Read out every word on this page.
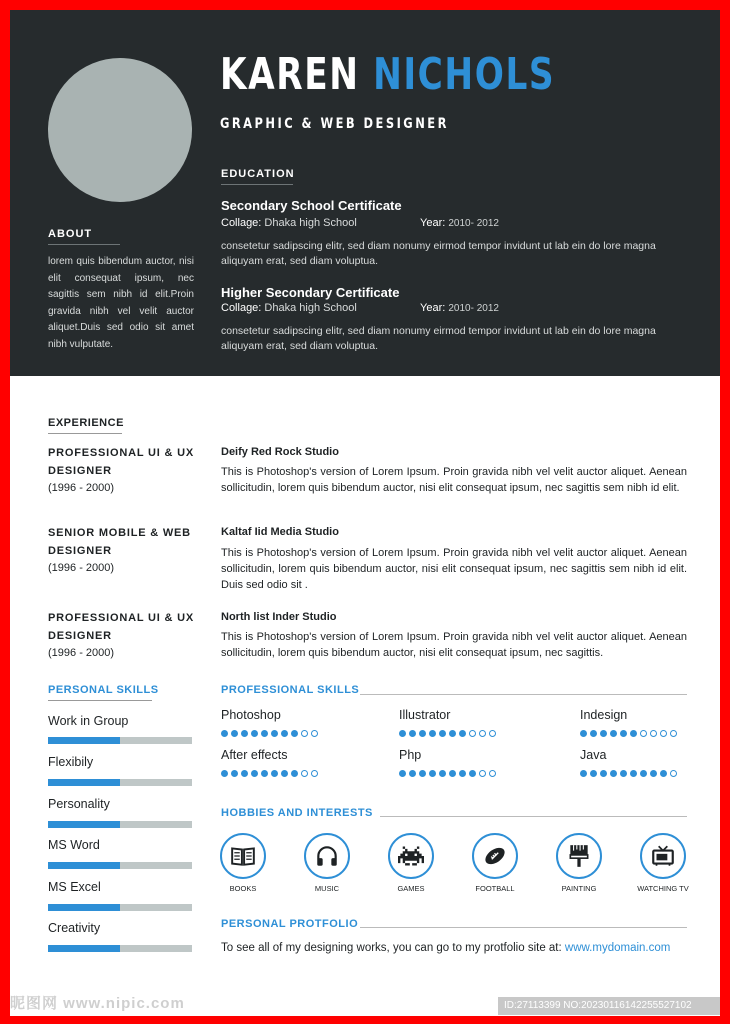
KAREN NICHOLS
GRAPHIC & WEB DESIGNER
ABOUT
lorem quis bibendum auctor, nisi elit consequat ipsum, nec sagittis sem nibh id elit.Proin gravida nibh vel velit auctor aliquet.Duis sed odio sit amet nibh vulputate.
EDUCATION
Secondary School Certificate
Collage: Dhaka high School	Year: 2010- 2012
consetetur sadipscing elitr, sed diam nonumy eirmod tempor invidunt ut lab ein do lore magna aliquyam erat, sed diam voluptua.
Higher Secondary Certificate
Collage: Dhaka high School	Year: 2010- 2012
consetetur sadipscing elitr, sed diam nonumy eirmod tempor invidunt ut lab ein do lore magna aliquyam erat, sed diam voluptua.
EXPERIENCE
PROFESSIONAL UI & UX DESIGNER
(1996 - 2000)
Deify Red Rock Studio
This is Photoshop's version of Lorem Ipsum. Proin gravida nibh vel velit auctor aliquet. Aenean sollicitudin, lorem quis bibendum auctor, nisi elit consequat ipsum, nec sagittis sem nibh id elit.
SENIOR MOBILE & WEB DESIGNER
(1996 - 2000)
Kaltaf Iid Media Studio
This is Photoshop's version of Lorem Ipsum. Proin gravida nibh vel velit auctor aliquet. Aenean sollicitudin, lorem quis bibendum auctor, nisi elit consequat ipsum, nec sagittis sem nibh id elit. Duis sed odio sit .
PROFESSIONAL UI & UX DESIGNER
(1996 - 2000)
North list Inder Studio
This is Photoshop's version of Lorem Ipsum. Proin gravida nibh vel velit auctor aliquet. Aenean sollicitudin, lorem quis bibendum auctor, nisi elit consequat ipsum, nec sagittis.
PERSONAL SKILLS
Work in Group
Flexibily
Personality
MS Word
MS Excel
Creativity
PROFESSIONAL SKILLS
Photoshop	Illustrator	Indesign
After effects	Php	Java
HOBBIES AND INTERESTS
BOOKS	MUSIC	GAMES	FOOTBALL	PAINTING	WATCHING TV
PERSONAL PROTFOLIO
To see all of my designing works, you can go to my protfolio site at: www.mydomain.com
昵图网 www.nipic.com	ID:27113399 NO:20230116142255527102
